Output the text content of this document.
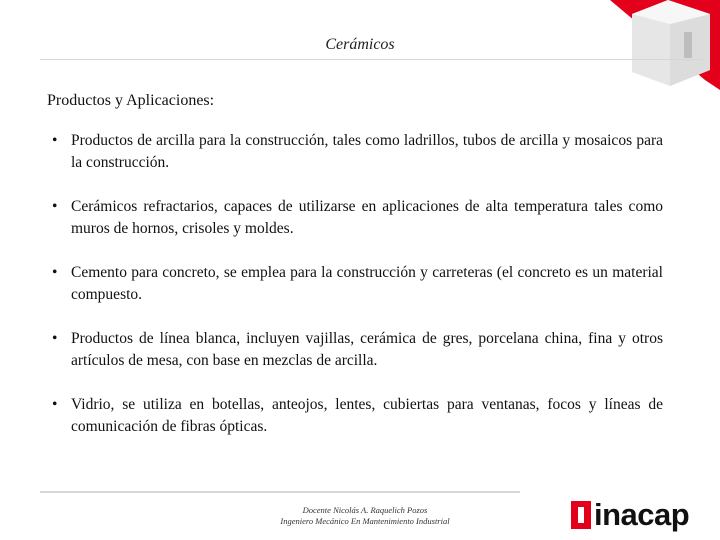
Cerámicos
Productos y Aplicaciones:
• Productos de arcilla para la construcción, tales como ladrillos, tubos de arcilla y mosaicos para la construcción.
• Cerámicos refractarios, capaces de utilizarse en aplicaciones de alta temperatura tales como muros de hornos, crisoles y moldes.
• Cemento para concreto, se emplea para la construcción y carreteras (el concreto es un material compuesto.
• Productos de línea blanca, incluyen vajillas, cerámica de gres, porcelana china, fina y otros artículos de mesa, con base en mezclas de arcilla.
• Vidrio, se utiliza en botellas, anteojos, lentes, cubiertas para ventanas, focos y líneas de comunicación de fibras ópticas.
Docente Nicolás A. Raquelich Pozos
Ingeniero Mecánico En Mantenimiento Industrial	inacap
